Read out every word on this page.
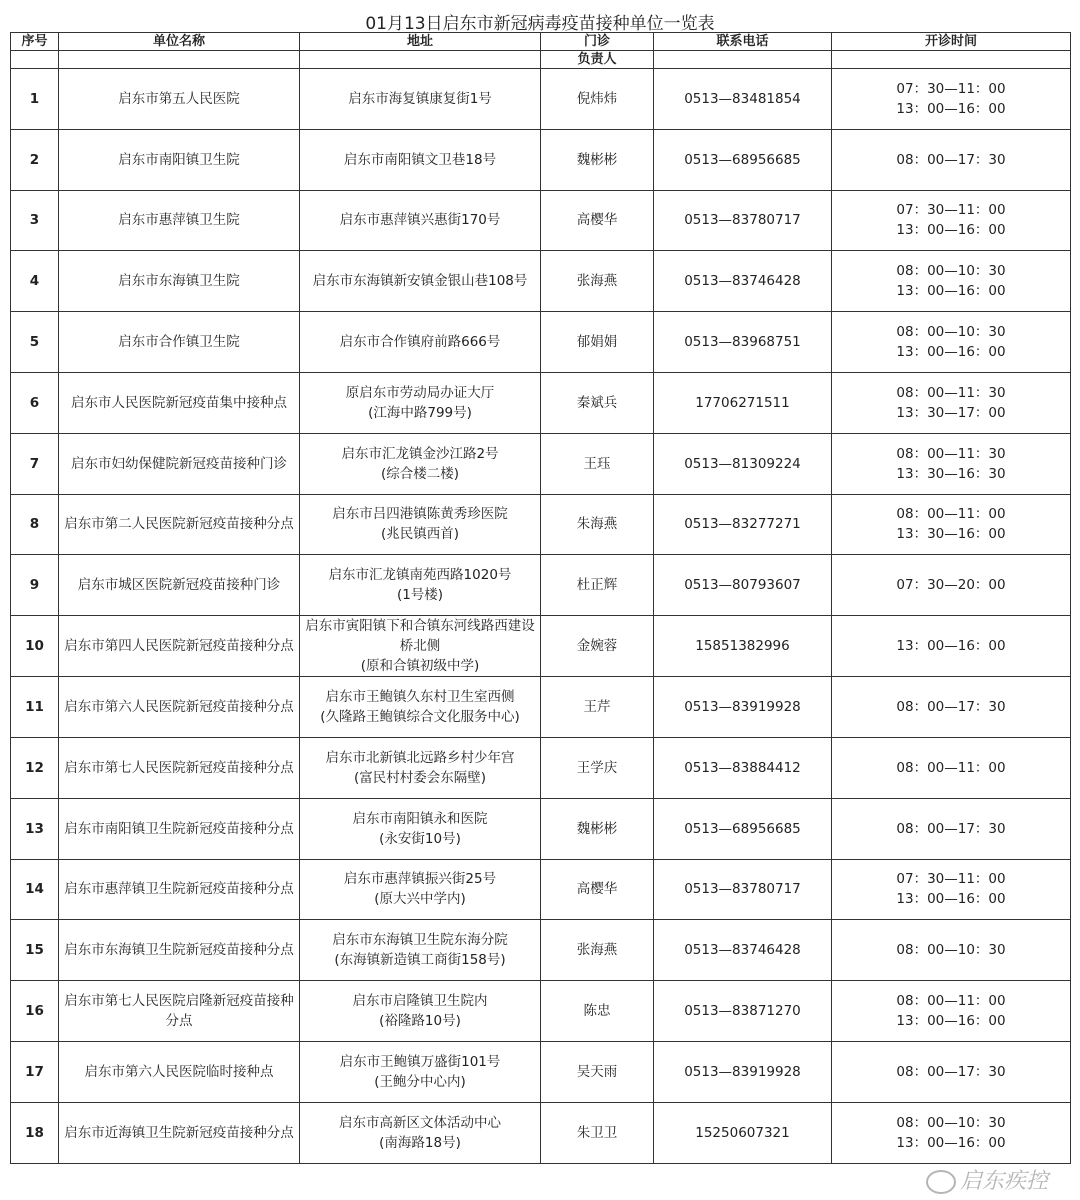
01月13日启东市新冠病毒疫苗接种单位一览表
序号	单位名称	地址	门诊	联系电话	开诊时间
			负责人		
1	启东市第五人民医院	启东市海复镇康复街1号	倪炜炜	0513—83481854	07：30—11：00
13：00—16：00

2	启东市南阳镇卫生院	启东市南阳镇文卫巷18号	魏彬彬	0513—68956685	08：00—17：30

3	启东市惠萍镇卫生院	启东市惠萍镇兴惠街170号	高樱华	0513—83780717	07：30—11：00
13：00—16：00

4	启东市东海镇卫生院	启东市东海镇新安镇金银山巷108号	张海燕	0513—83746428	08：00—10：30
13：00—16：00

5	启东市合作镇卫生院	启东市合作镇府前路666号	郁娟娟	0513—83968751	08：00—10：30
13：00—16：00

6	启东市人民医院新冠疫苗集中接种点	原启东市劳动局办证大厅
(江海中路799号)	秦斌兵	17706271511	08：00—11：30
13：30—17：00

7	启东市妇幼保健院新冠疫苗接种门诊	启东市汇龙镇金沙江路2号
(综合楼二楼)	王珏	0513—81309224	08：00—11：30
13：30—16：30

8	启东市第二人民医院新冠疫苗接种分点	启东市吕四港镇陈黄秀珍医院
(兆民镇西首)	朱海燕	0513—83277271	08：00—11：00
13：30—16：00

9	启东市城区医院新冠疫苗接种门诊	启东市汇龙镇南苑西路1020号
(1号楼)	杜正辉	0513—80793607	07：30—20：00

10	启东市第四人民医院新冠疫苗接种分点	启东市寅阳镇下和合镇东河线路西建设
桥北侧
(原和合镇初级中学)	金婉蓉	15851382996	13：00—16：00

11	启东市第六人民医院新冠疫苗接种分点	启东市王鲍镇久东村卫生室西侧
(久隆路王鲍镇综合文化服务中心)	王芹	0513—83919928	08：00—17：30

12	启东市第七人民医院新冠疫苗接种分点	启东市北新镇北远路乡村少年宫
(富民村村委会东隔壁)	王学庆	0513—83884412	08：00—11：00

13	启东市南阳镇卫生院新冠疫苗接种分点	启东市南阳镇永和医院
(永安街10号)	魏彬彬	0513—68956685	08：00—17：30

14	启东市惠萍镇卫生院新冠疫苗接种分点	启东市惠萍镇振兴街25号
(原大兴中学内)	高樱华	0513—83780717	07：30—11：00
13：00—16：00

15	启东市东海镇卫生院新冠疫苗接种分点	启东市东海镇卫生院东海分院
(东海镇新造镇工商街158号)	张海燕	0513—83746428	08：00—10：30

16	启东市第七人民医院启隆新冠疫苗接种
分点	启东市启隆镇卫生院内
(裕隆路10号)	陈忠	0513—83871270	08：00—11：00
13：00—16：00

17	启东市第六人民医院临时接种点	启东市王鲍镇万盛街101号
(王鲍分中心内)	吴天雨	0513—83919928	08：00—17：30

18	启东市近海镇卫生院新冠疫苗接种分点	启东市高新区文体活动中心
(南海路18号)	朱卫卫	15250607321	08：00—10：30
13：00—16：00
启东疾控
